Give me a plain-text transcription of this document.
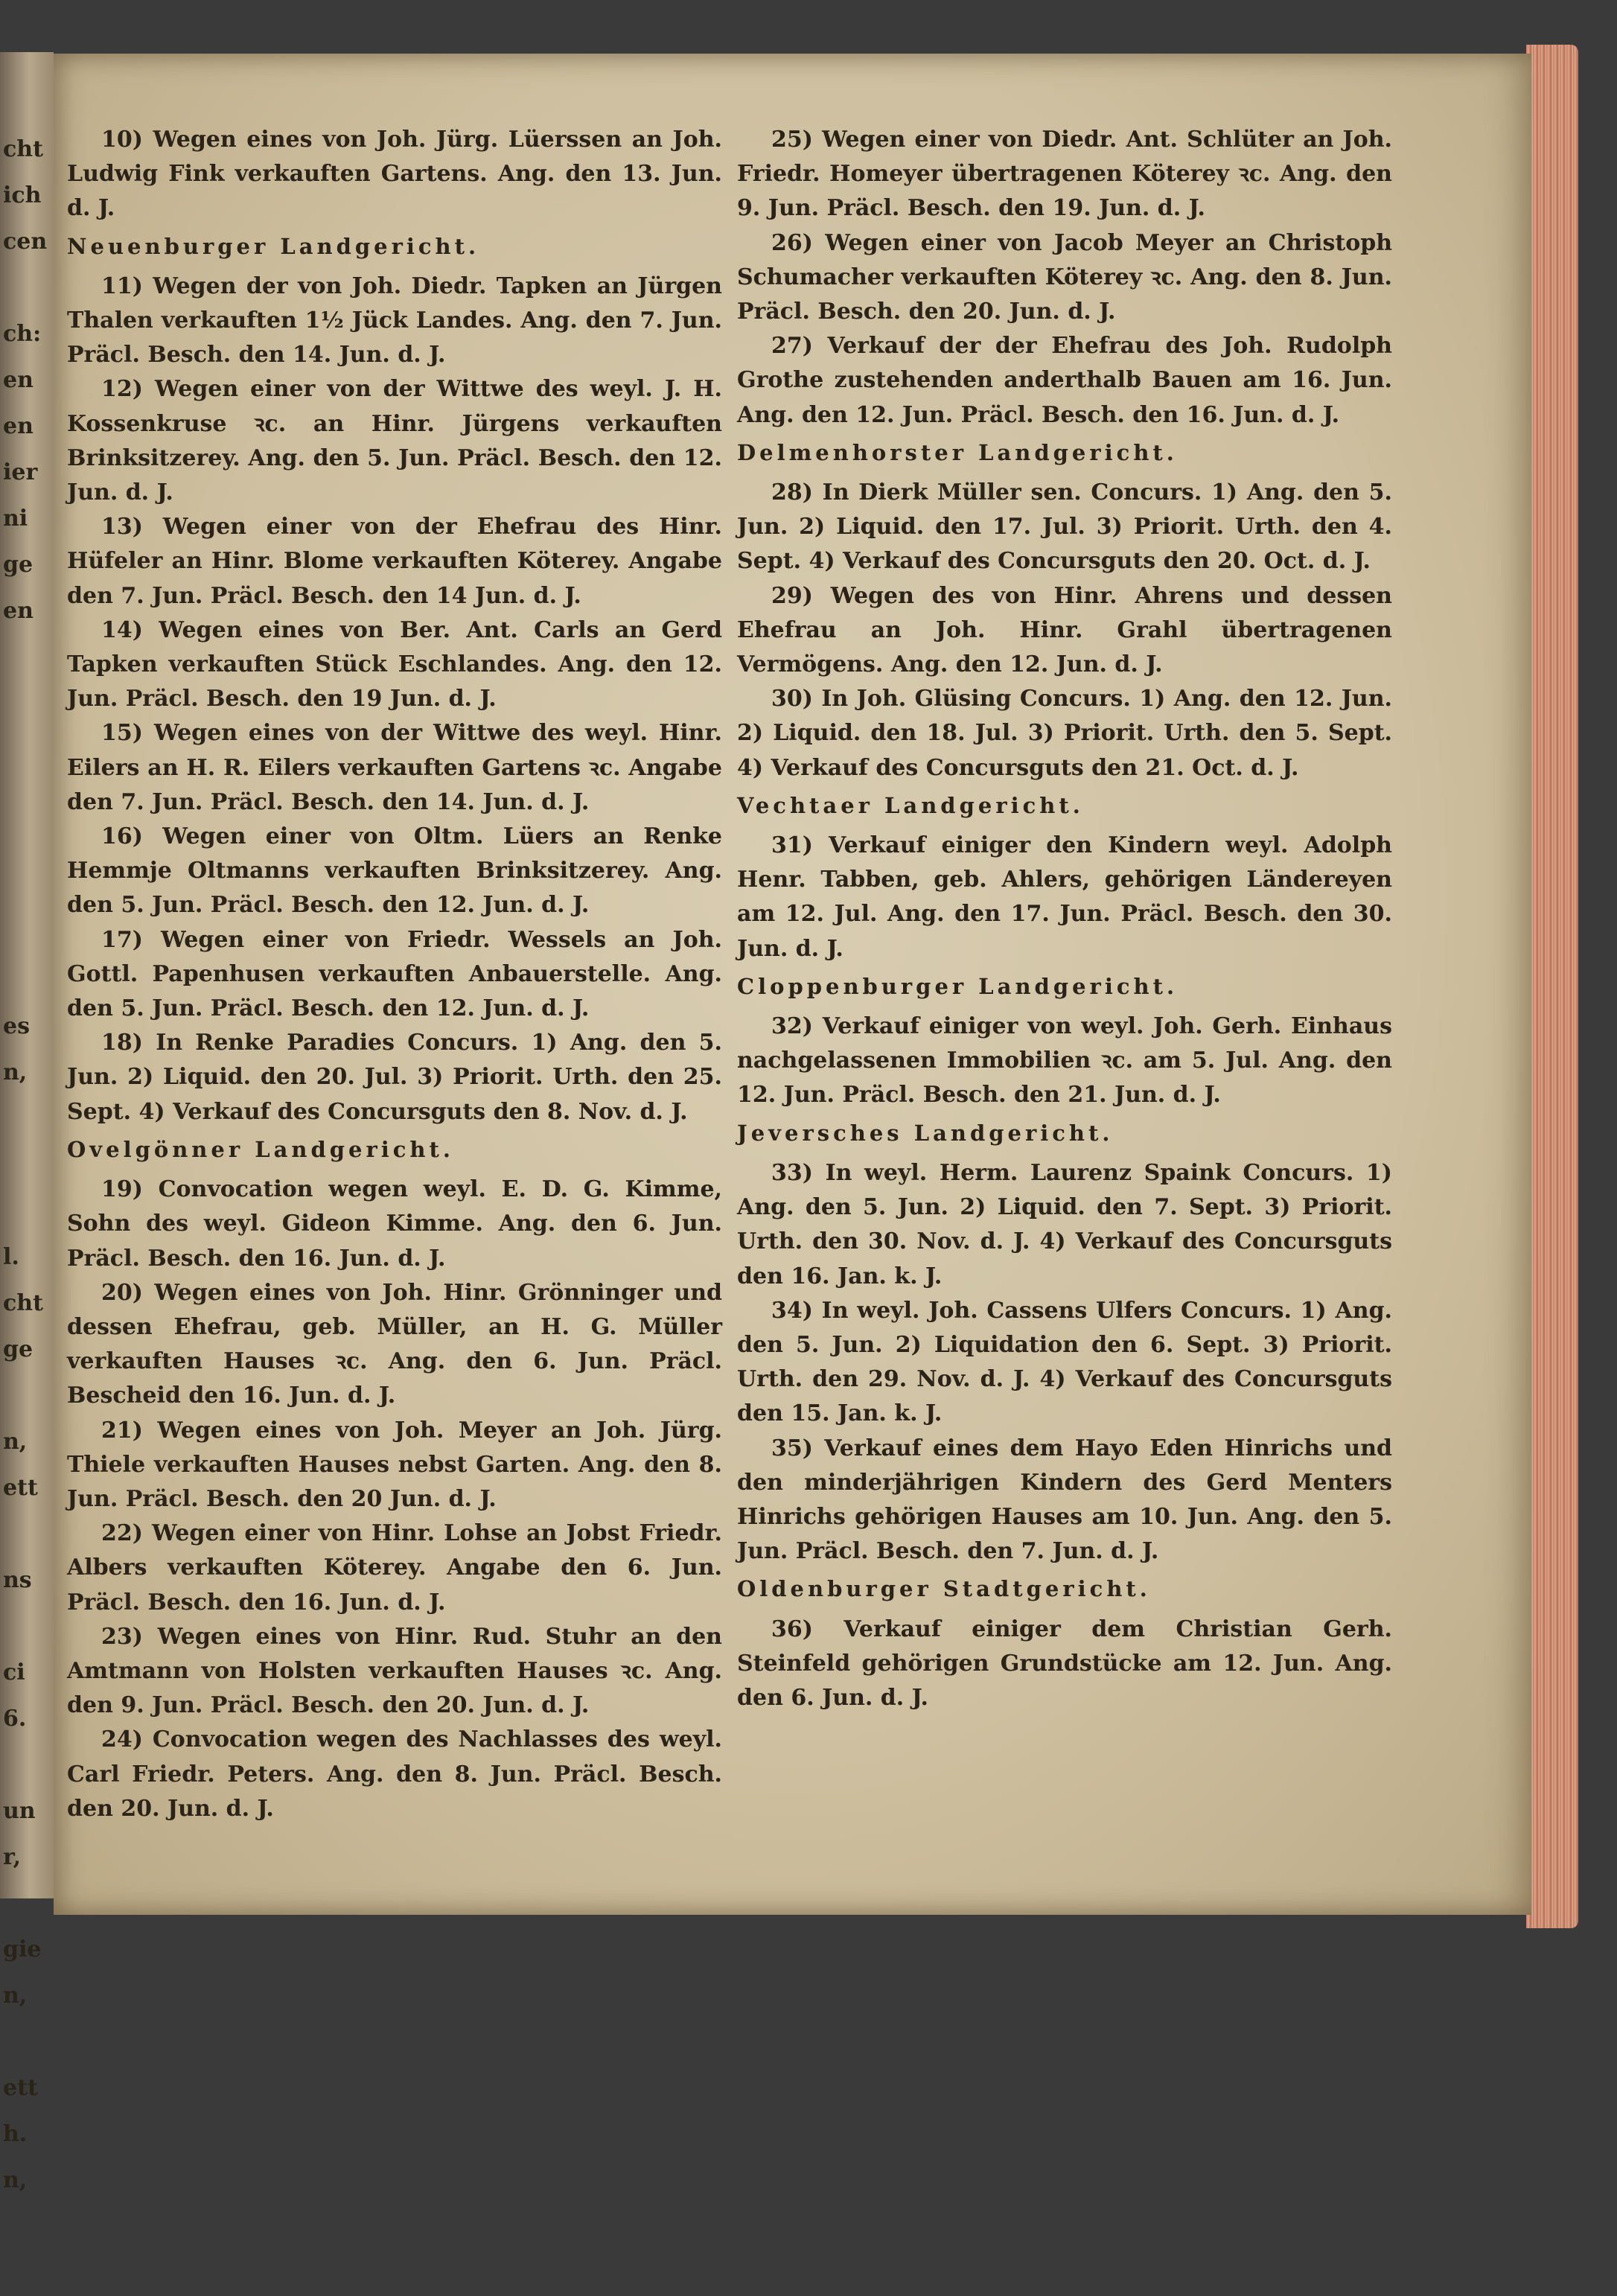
cht
ich
cen

ch:
en
en
ier
ni
ge
en

es
n,

l.
cht
ge

n,
ett

ns

ci
6.

un
r,

gie
n,

ett
h.
n,

10) Wegen eines von Joh. Jürg. Lüerssen an Joh. Ludwig Fink verkauften Gartens. Ang. den 13. Jun. d. J.

Neuenburger Landgericht.

11) Wegen der von Joh. Diedr. Tapken an Jürgen Thalen verkauften 1½ Jück Landes. Ang. den 7. Jun. Präcl. Besch. den 14. Jun. d. J.

12) Wegen einer von der Wittwe des weyl. J. H. Kossenkruse ꝛc. an Hinr. Jürgens verkauften Brinksitzerey. Ang. den 5. Jun. Präcl. Besch. den 12. Jun. d. J.

13) Wegen einer von der Ehefrau des Hinr. Hüfeler an Hinr. Blome verkauften Köterey. Angabe den 7. Jun. Präcl. Besch. den 14 Jun. d. J.

14) Wegen eines von Ber. Ant. Carls an Gerd Tapken verkauften Stück Eschlandes. Ang. den 12. Jun. Präcl. Besch. den 19 Jun. d. J.

15) Wegen eines von der Wittwe des weyl. Hinr. Eilers an H. R. Eilers verkauften Gartens ꝛc. Angabe den 7. Jun. Präcl. Besch. den 14. Jun. d. J.

16) Wegen einer von Oltm. Lüers an Renke Hemmje Oltmanns verkauften Brinksitzerey. Ang. den 5. Jun. Präcl. Besch. den 12. Jun. d. J.

17) Wegen einer von Friedr. Wessels an Joh. Gottl. Papenhusen verkauften Anbauerstelle. Ang. den 5. Jun. Präcl. Besch. den 12. Jun. d. J.

18) In Renke Paradies Concurs. 1) Ang. den 5. Jun. 2) Liquid. den 20. Jul. 3) Priorit. Urth. den 25. Sept. 4) Verkauf des Concursguts den 8. Nov. d. J.

Ovelgönner Landgericht.

19) Convocation wegen weyl. E. D. G. Kimme, Sohn des weyl. Gideon Kimme. Ang. den 6. Jun. Präcl. Besch. den 16. Jun. d. J.

20) Wegen eines von Joh. Hinr. Grönninger und dessen Ehefrau, geb. Müller, an H. G. Müller verkauften Hauses ꝛc. Ang. den 6. Jun. Präcl. Bescheid den 16. Jun. d. J.

21) Wegen eines von Joh. Meyer an Joh. Jürg. Thiele verkauften Hauses nebst Garten. Ang. den 8. Jun. Präcl. Besch. den 20 Jun. d. J.

22) Wegen einer von Hinr. Lohse an Jobst Friedr. Albers verkauften Köterey. Angabe den 6. Jun. Präcl. Besch. den 16. Jun. d. J.

23) Wegen eines von Hinr. Rud. Stuhr an den Amtmann von Holsten verkauften Hauses ꝛc. Ang. den 9. Jun. Präcl. Besch. den 20. Jun. d. J.

24) Convocation wegen des Nachlasses des weyl. Carl Friedr. Peters. Ang. den 8. Jun. Präcl. Besch. den 20. Jun. d. J.

25) Wegen einer von Diedr. Ant. Schlüter an Joh. Friedr. Homeyer übertragenen Köterey ꝛc. Ang. den 9. Jun. Präcl. Besch. den 19. Jun. d. J.

26) Wegen einer von Jacob Meyer an Christoph Schumacher verkauften Köterey ꝛc. Ang. den 8. Jun. Präcl. Besch. den 20. Jun. d. J.

27) Verkauf der der Ehefrau des Joh. Rudolph Grothe zustehenden anderthalb Bauen am 16. Jun. Ang. den 12. Jun. Präcl. Besch. den 16. Jun. d. J.

Delmenhorster Landgericht.

28) In Dierk Müller sen. Concurs. 1) Ang. den 5. Jun. 2) Liquid. den 17. Jul. 3) Priorit. Urth. den 4. Sept. 4) Verkauf des Concursguts den 20. Oct. d. J.

29) Wegen des von Hinr. Ahrens und dessen Ehefrau an Joh. Hinr. Grahl übertragenen Vermögens. Ang. den 12. Jun. d. J.

30) In Joh. Glüsing Concurs. 1) Ang. den 12. Jun. 2) Liquid. den 18. Jul. 3) Priorit. Urth. den 5. Sept. 4) Verkauf des Concursguts den 21. Oct. d. J.

Vechtaer Landgericht.

31) Verkauf einiger den Kindern weyl. Adolph Henr. Tabben, geb. Ahlers, gehörigen Ländereyen am 12. Jul. Ang. den 17. Jun. Präcl. Besch. den 30. Jun. d. J.

Cloppenburger Landgericht.

32) Verkauf einiger von weyl. Joh. Gerh. Einhaus nachgelassenen Immobilien ꝛc. am 5. Jul. Ang. den 12. Jun. Präcl. Besch. den 21. Jun. d. J.

Jeversches Landgericht.

33) In weyl. Herm. Laurenz Spaink Concurs. 1) Ang. den 5. Jun. 2) Liquid. den 7. Sept. 3) Priorit. Urth. den 30. Nov. d. J. 4) Verkauf des Concursguts den 16. Jan. k. J.

34) In weyl. Joh. Cassens Ulfers Concurs. 1) Ang. den 5. Jun. 2) Liquidation den 6. Sept. 3) Priorit. Urth. den 29. Nov. d. J. 4) Verkauf des Concursguts den 15. Jan. k. J.

35) Verkauf eines dem Hayo Eden Hinrichs und den minderjährigen Kindern des Gerd Menters Hinrichs gehörigen Hauses am 10. Jun. Ang. den 5. Jun. Präcl. Besch. den 7. Jun. d. J.

Oldenburger Stadtgericht.

36) Verkauf einiger dem Christian Gerh. Steinfeld gehörigen Grundstücke am 12. Jun. Ang. den 6. Jun. d. J.
